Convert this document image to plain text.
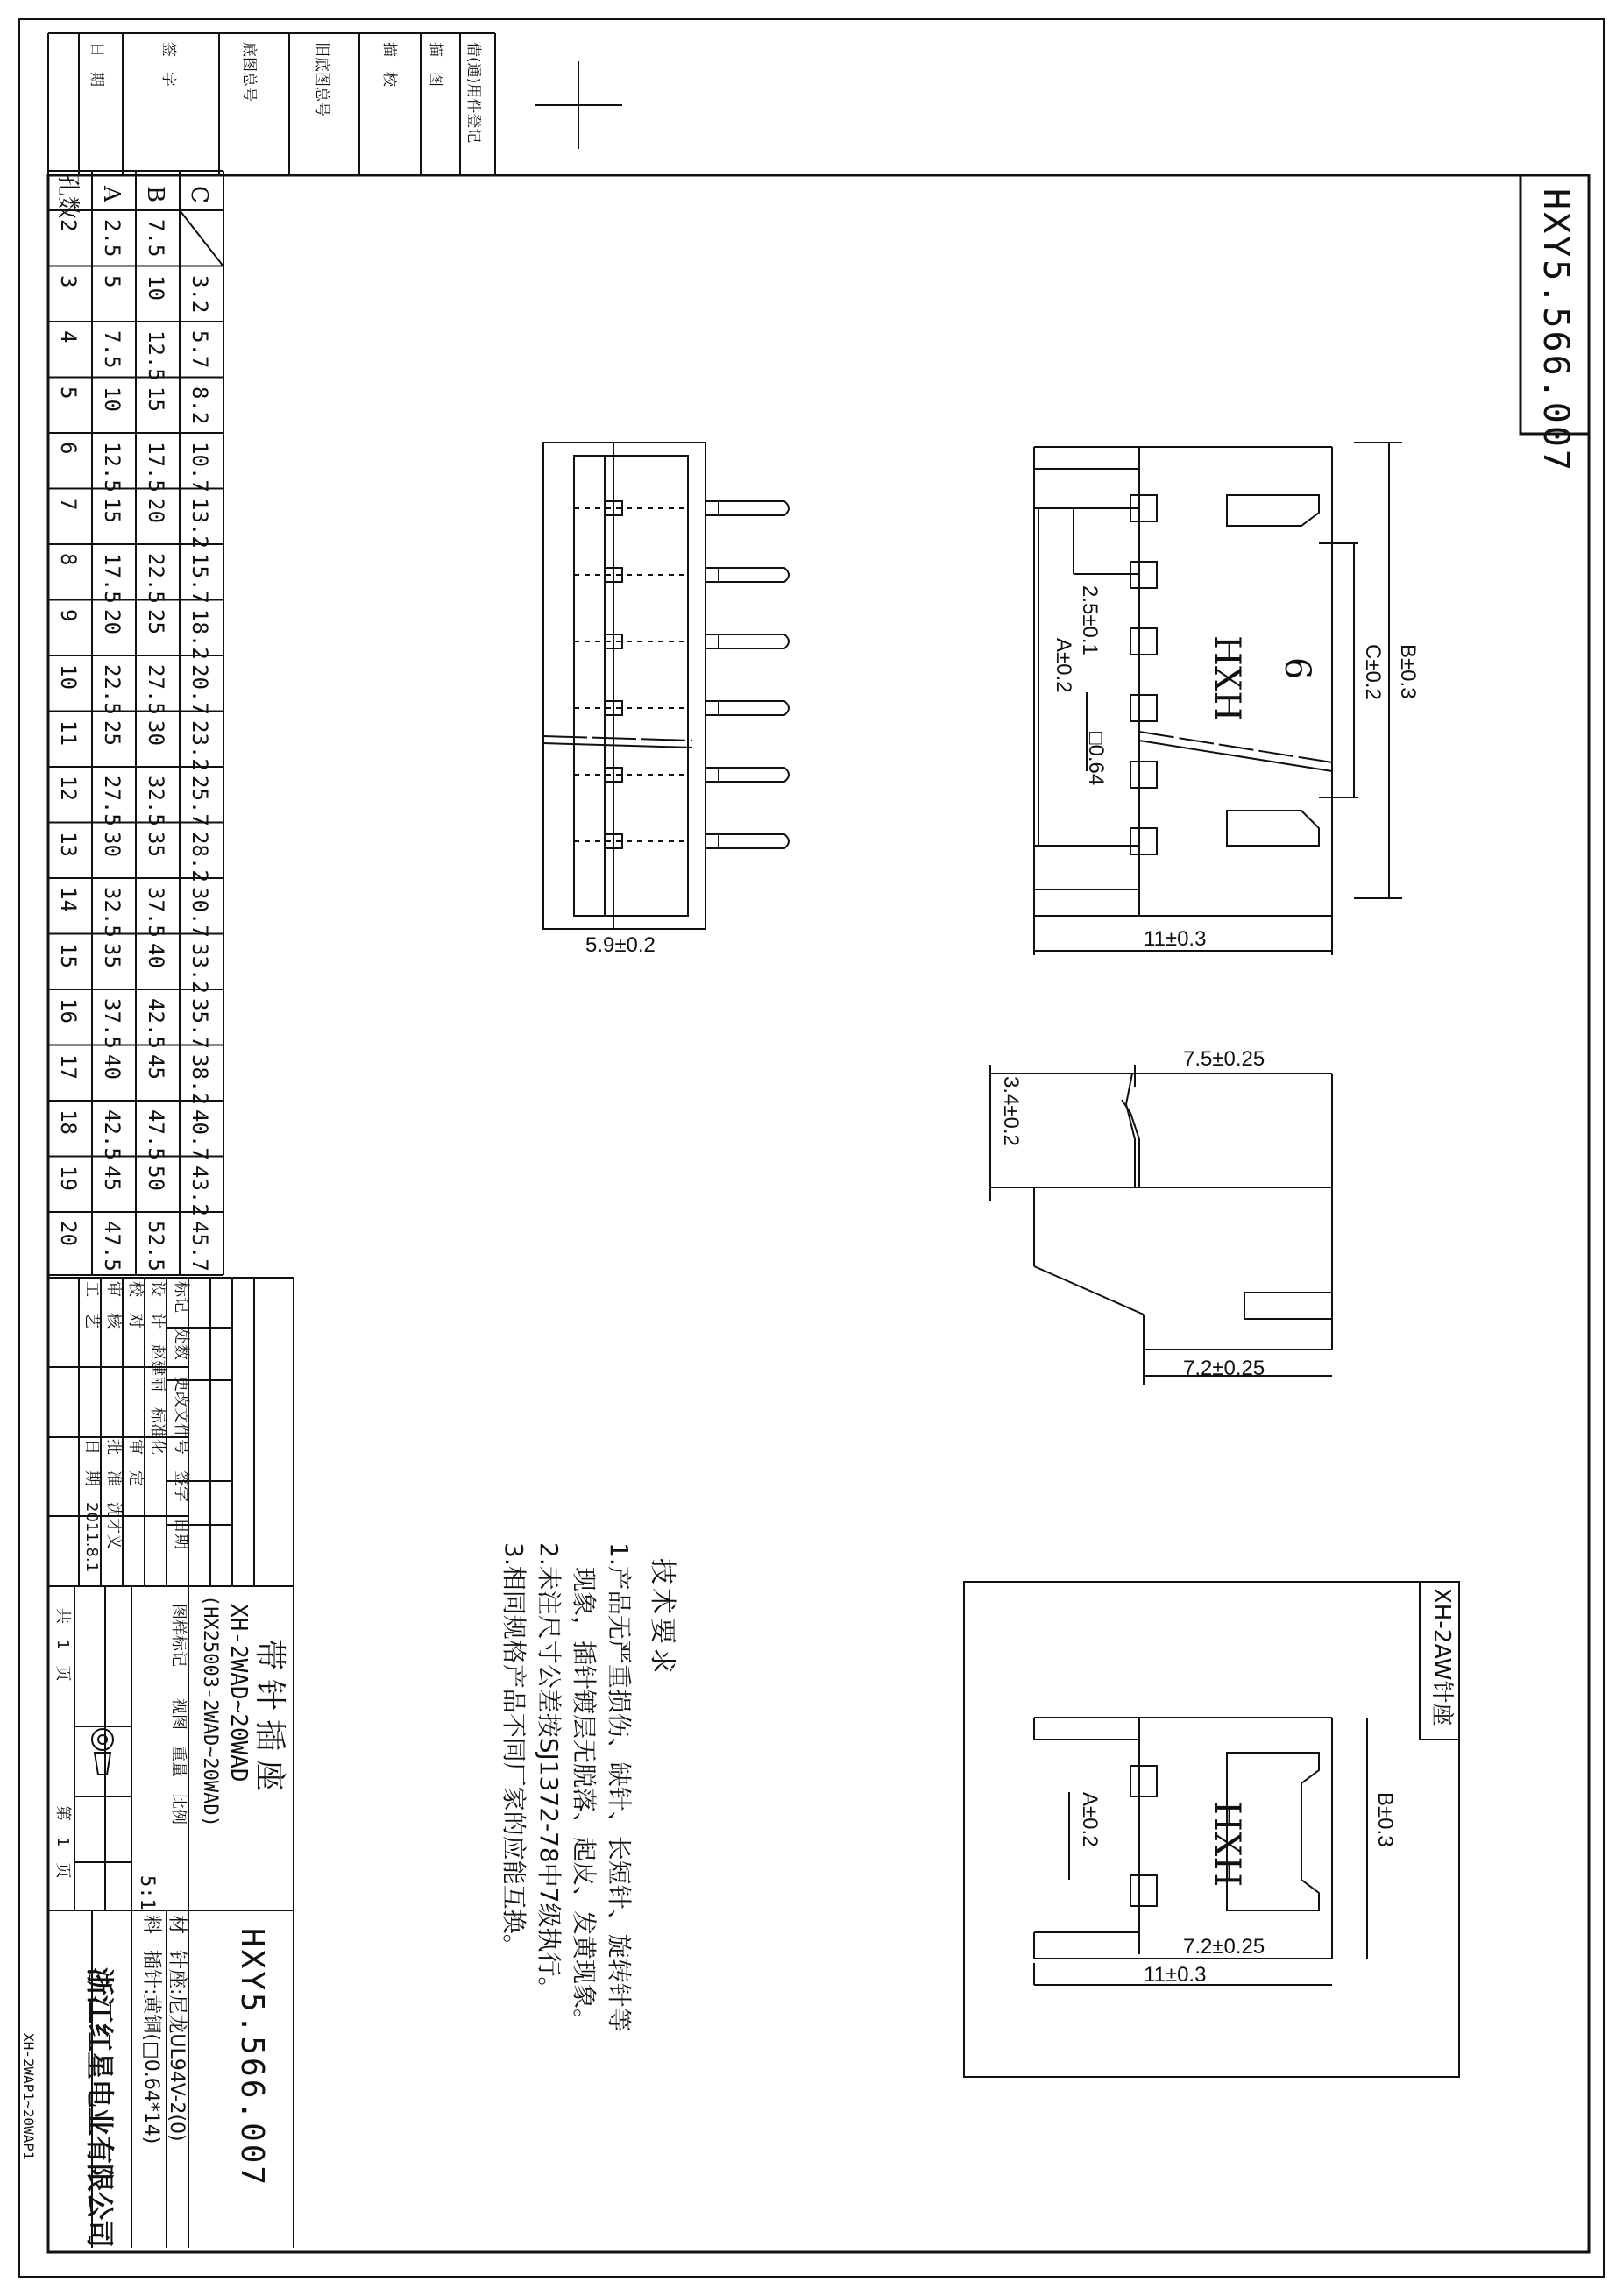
借(通)用件登记
描　图
描　校
旧底图总号
底图总号
签　字
日　期
C
B
A
孔数
7.5
2.5
2
3.2
10
5
3
5.7
12.5
7.5
4
8.2
15
10
5
10.7
17.5
12.5
6
13.2
20
15
7
15.7
22.5
17.5
8
18.2
25
20
9
20.7
27.5
22.5
10
23.2
30
25
11
25.7
32.5
27.5
12
28.2
35
30
13
30.7
37.5
32.5
14
33.2
40
35
15
35.7
42.5
37.5
16
38.2
45
40
17
40.7
47.5
42.5
18
43.2
50
45
19
45.7
52.5
47.5
20
标记　处数　更改文件号　签字　日期
设　计　赵建丽　标准化
校　对　　　　　　　审　定
审　核　　　　　　　批　准　沈才义
工　艺　　　　　　　日　期　2011.8.1
带针插座
XH-2WAD~20WAD
(HX25003-2WAD~20WAD)
图样标记　　视图　重量　比例
5:1
共　1　页
第　1　页
HXY5.566.007
材
料
针座:尼龙UL94V-2(0)
插针:黄铜(□0.64*14)
浙江红星电业有限公司
XH-2WAP1~20WAP1
HXY5.566.007
5.9±0.2	11±0.3
2.5±0.1
A±0.2
□0.64
C±0.2 B±0.3
HXH 6
7.5±0.25
7.2±0.25
3.4±0.2
B±0.3
A±0.2
7.2±0.25
11±0.3
HXH
XH-2AW针座
技术要求
1.产品无严重损伤、缺针、长短针、旋转针等
　现象，插针镀层无脱落、起皮、发黄现象。
2.未注尺寸公差按SJ1372-78中7级执行。
3.相同规格产品不同厂家的应能互换。
